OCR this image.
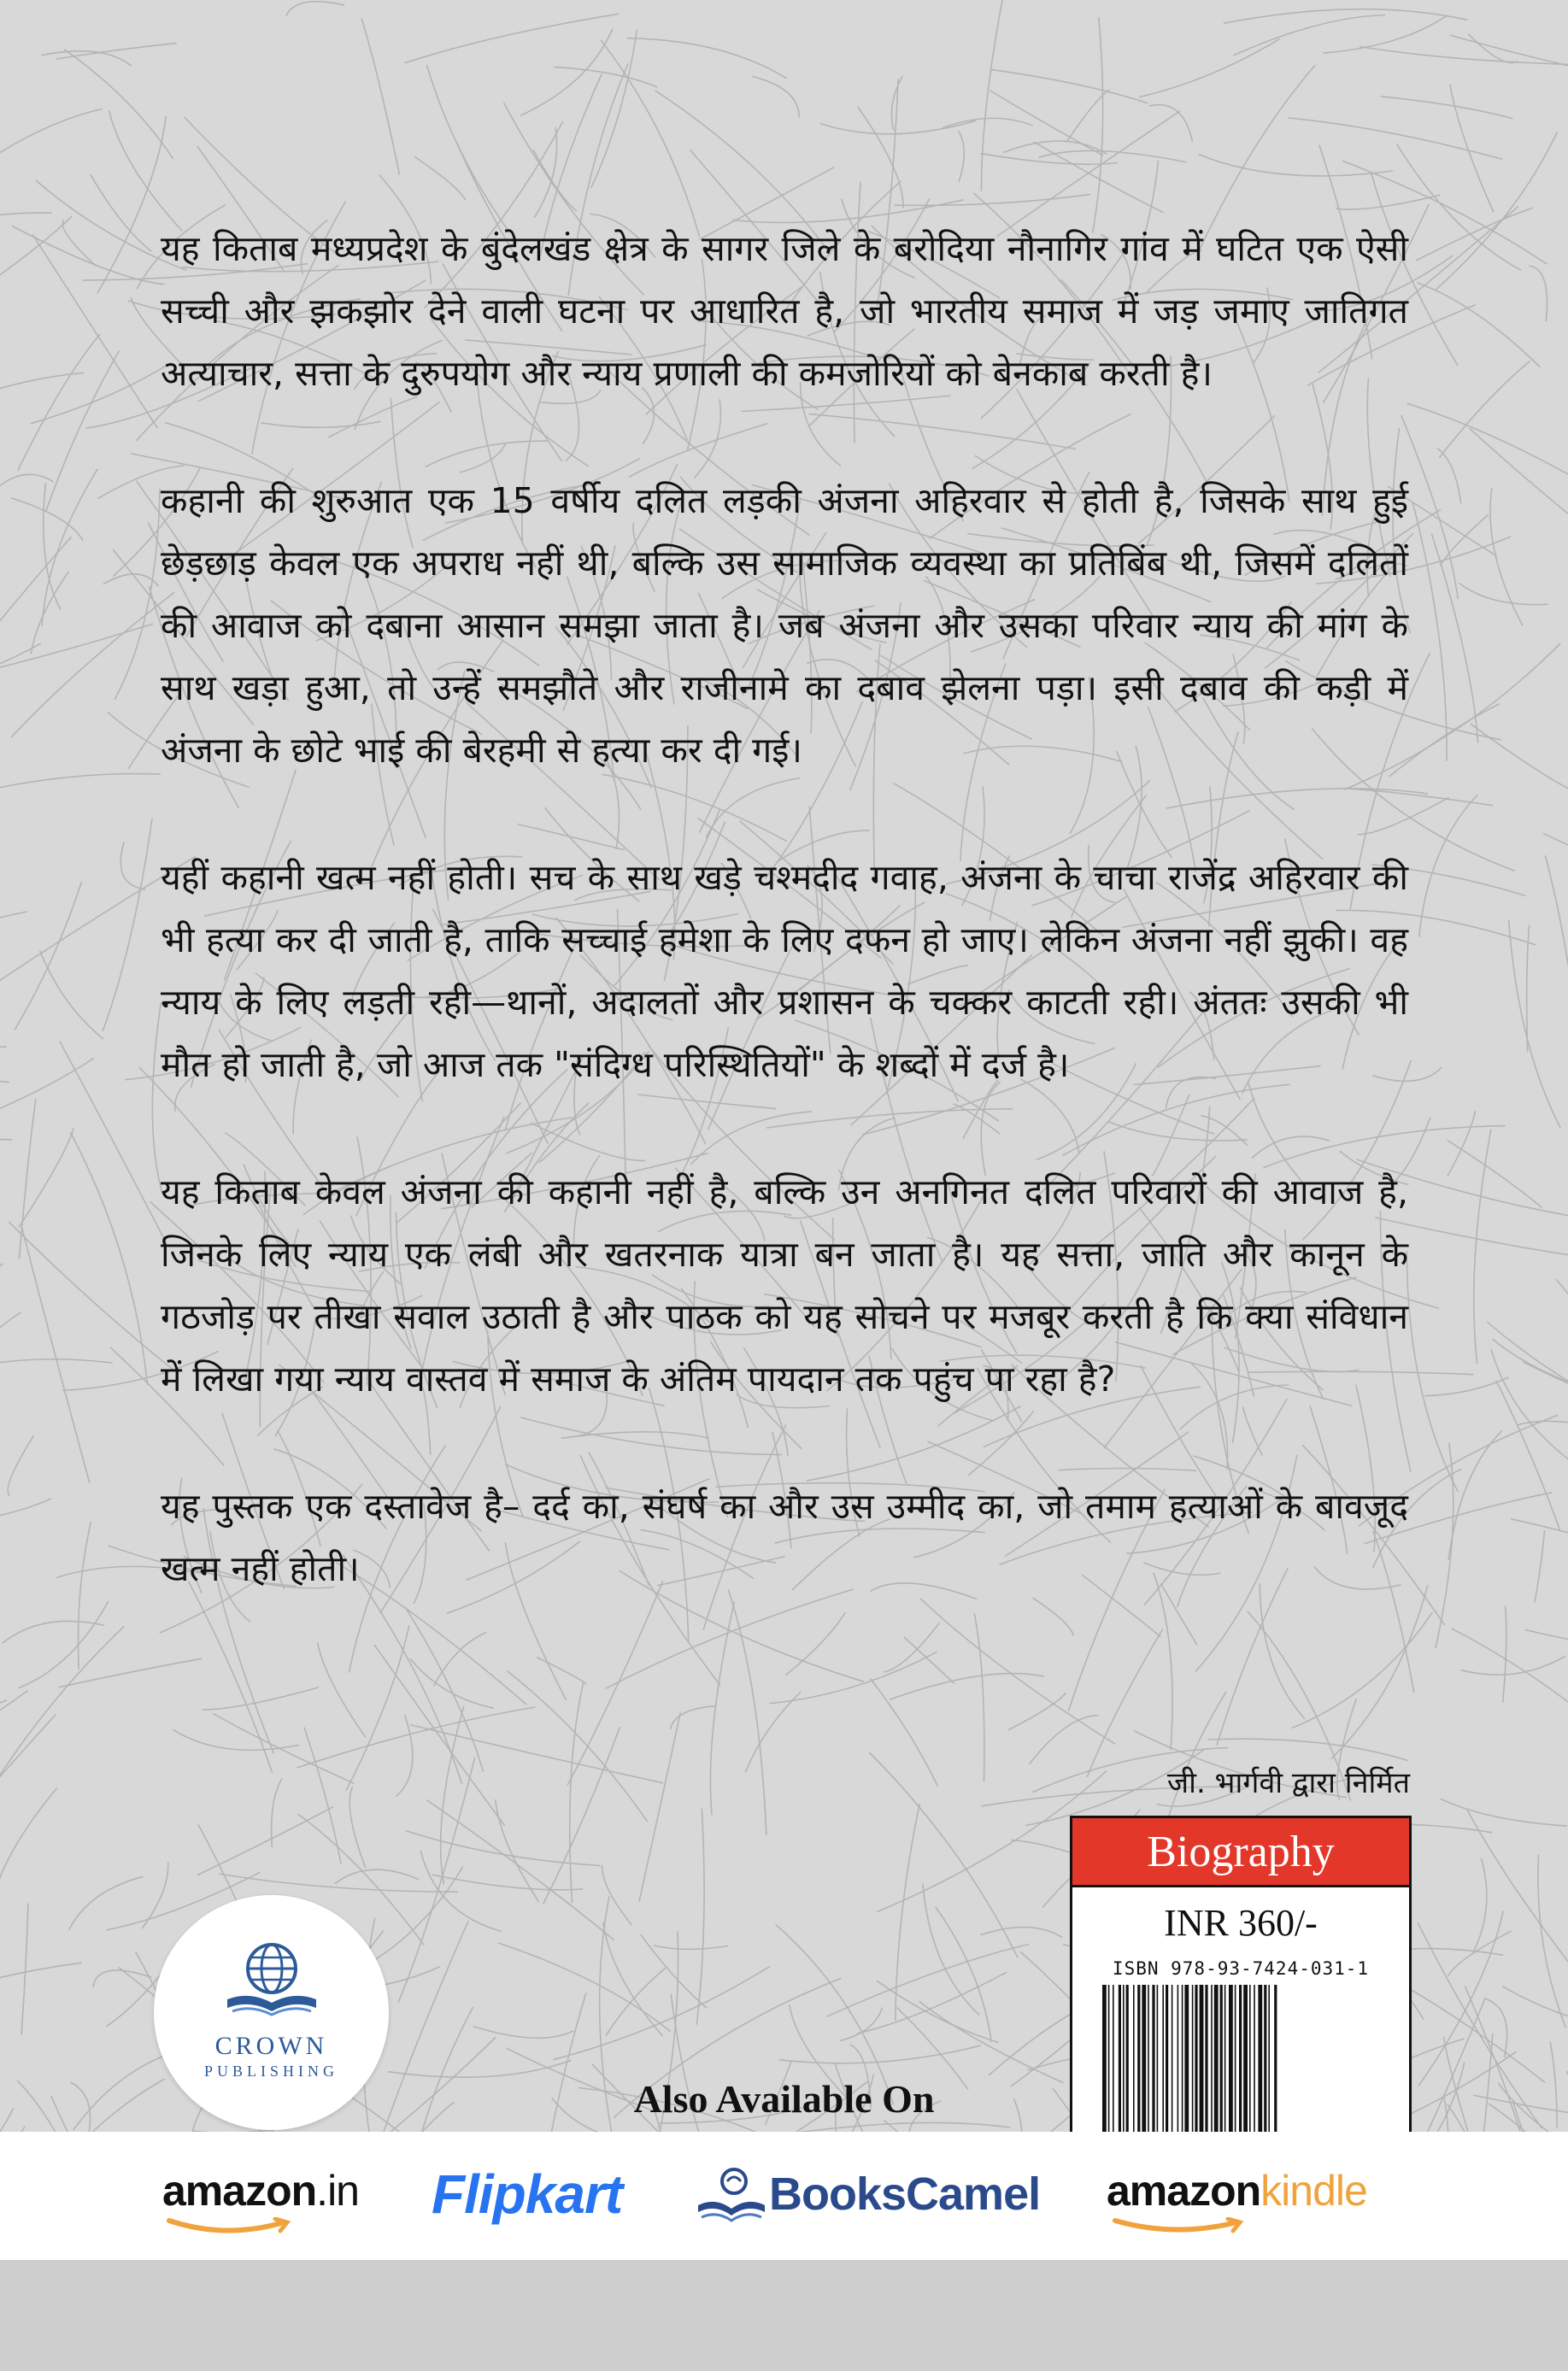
यह किताब मध्यप्रदेश के बुंदेलखंड क्षेत्र के सागर जिले के बरोदिया नौनागिर गांव में घटित एक ऐसी सच्ची और झकझोर देने वाली घटना पर आधारित है, जो भारतीय समाज में जड़ जमाए जातिगत अत्याचार, सत्ता के दुरुपयोग और न्याय प्रणाली की कमजोरियों को बेनकाब करती है।

कहानी की शुरुआत एक 15 वर्षीय दलित लड़की अंजना अहिरवार से होती है, जिसके साथ हुई छेड़छाड़ केवल एक अपराध नहीं थी, बल्कि उस सामाजिक व्यवस्था का प्रतिबिंब थी, जिसमें दलितों की आवाज को दबाना आसान समझा जाता है। जब अंजना और उसका परिवार न्याय की मांग के साथ खड़ा हुआ, तो उन्हें समझौते और राजीनामे का दबाव झेलना पड़ा। इसी दबाव की कड़ी में अंजना के छोटे भाई की बेरहमी से हत्या कर दी गई।

यहीं कहानी खत्म नहीं होती। सच के साथ खड़े चश्मदीद गवाह, अंजना के चाचा राजेंद्र अहिरवार की भी हत्या कर दी जाती है, ताकि सच्चाई हमेशा के लिए दफन हो जाए। लेकिन अंजना नहीं झुकी। वह न्याय के लिए लड़ती रही—थानों, अदालतों और प्रशासन के चक्कर काटती रही। अंततः उसकी भी मौत हो जाती है, जो आज तक "संदिग्ध परिस्थितियों" के शब्दों में दर्ज है।

यह किताब केवल अंजना की कहानी नहीं है, बल्कि उन अनगिनत दलित परिवारों की आवाज है, जिनके लिए न्याय एक लंबी और खतरनाक यात्रा बन जाता है। यह सत्ता, जाति और कानून के गठजोड़ पर तीखा सवाल उठाती है और पाठक को यह सोचने पर मजबूर करती है कि क्या संविधान में लिखा गया न्याय वास्तव में समाज के अंतिम पायदान तक पहुंच पा रहा है?

यह पुस्तक एक दस्तावेज है– दर्द का, संघर्ष का और उस उम्मीद का, जो तमाम हत्याओं के बावजूद खत्म नहीं होती।

जी. भार्गवी द्वारा निर्मित
Biography
INR 360/-
ISBN 978-93-7424-031-1
CROWN
PUBLISHING
Also Available On
amazon.in Flipkart	BooksCamel amazonkindle
